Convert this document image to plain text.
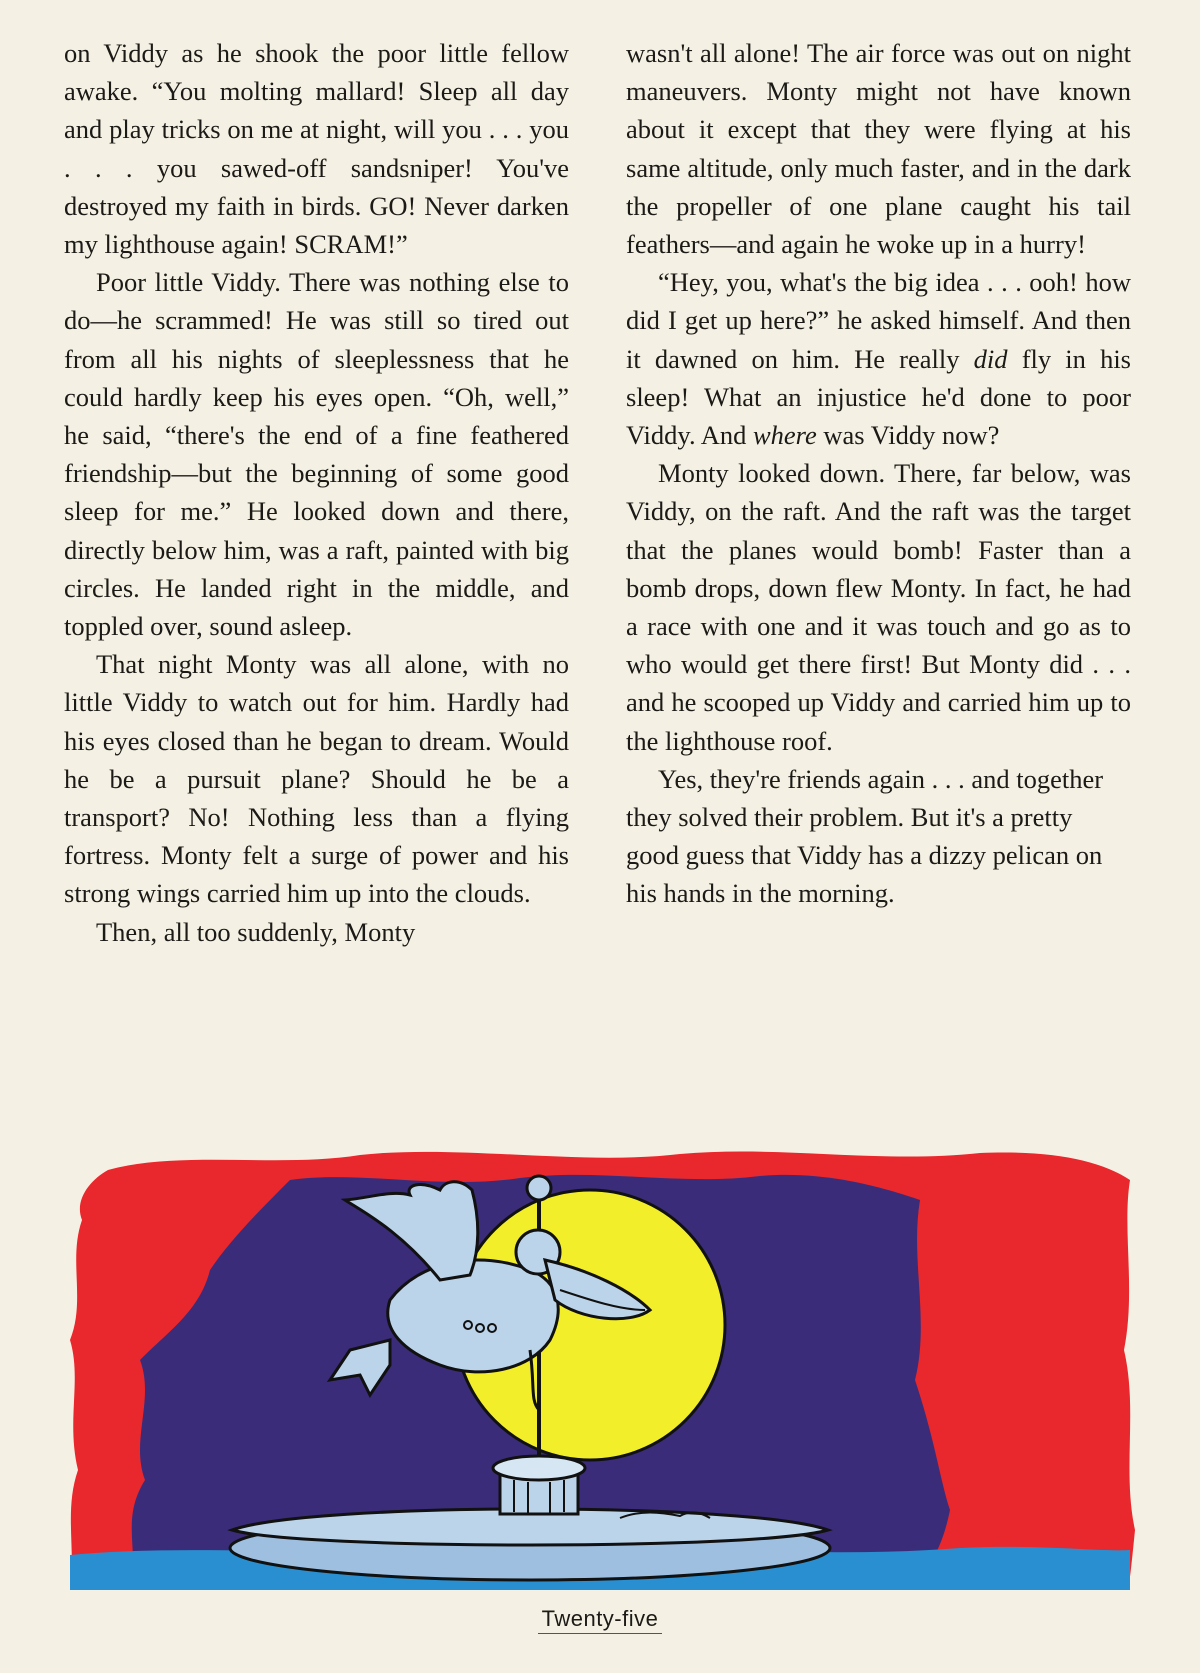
on Viddy as he shook the poor little fellow awake. “You molting mallard! Sleep all day and play tricks on me at night, will you . . . you . . . you sawed-off sandsniper! You've destroyed my faith in birds. GO! Never darken my lighthouse again! SCRAM!”

Poor little Viddy. There was nothing else to do—he scrammed! He was still so tired out from all his nights of sleeplessness that he could hardly keep his eyes open. “Oh, well,” he said, “there's the end of a fine feathered friendship—but the beginning of some good sleep for me.” He looked down and there, directly below him, was a raft, painted with big circles. He landed right in the middle, and toppled over, sound asleep.

That night Monty was all alone, with no little Viddy to watch out for him. Hardly had his eyes closed than he began to dream. Would he be a pursuit plane? Should he be a transport? No! Nothing less than a flying fortress. Monty felt a surge of power and his strong wings carried him up into the clouds.

Then, all too suddenly, Monty

wasn't all alone! The air force was out on night maneuvers. Monty might not have known about it except that they were flying at his same altitude, only much faster, and in the dark the propeller of one plane caught his tail feathers—and again he woke up in a hurry!

“Hey, you, what's the big idea . . . ooh! how did I get up here?” he asked himself. And then it dawned on him. He really did fly in his sleep! What an injustice he'd done to poor Viddy. And where was Viddy now?

Monty looked down. There, far below, was Viddy, on the raft. And the raft was the target that the planes would bomb! Faster than a bomb drops, down flew Monty. In fact, he had a race with one and it was touch and go as to who would get there first! But Monty did . . . and he scooped up Viddy and carried him up to the lighthouse roof.

Yes, they're friends again . . . and together they solved their problem. But it's a pretty good guess that Viddy has a dizzy pelican on his hands in the morning.

Twenty-five
